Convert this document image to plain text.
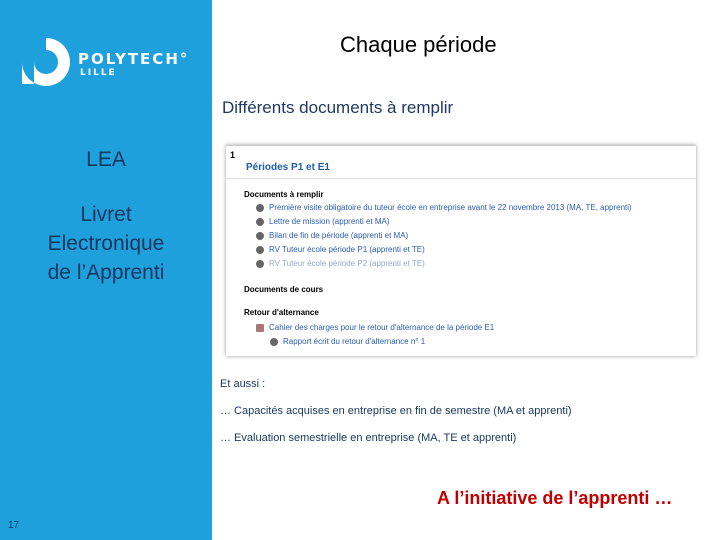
POLYTECH°
LILLE
LEA
Livret
Electronique
de l’Apprenti
17
Chaque période
Différents documents à remplir
1
Périodes P1 et E1
Documents à remplir
Première visite obligatoire du tuteur école en entreprise avant le 22 novembre 2013 (MA, TE, apprenti)
Lettre de mission (apprenti et MA)
Bilan de fin de période (apprenti et MA)
RV Tuteur école période P1 (apprenti et TE)
RV Tuteur école période P2 (apprenti et TE)
Documents de cours
Retour d'alternance
Cahier des charges pour le retour d'alternance de la période E1
Rapport écrit du retour d'alternance n° 1
Et aussi :
… Capacités acquises en entreprise en fin de semestre (MA et apprenti)
… Evaluation semestrielle en entreprise (MA, TE et apprenti)
A l’initiative de l’apprenti …
